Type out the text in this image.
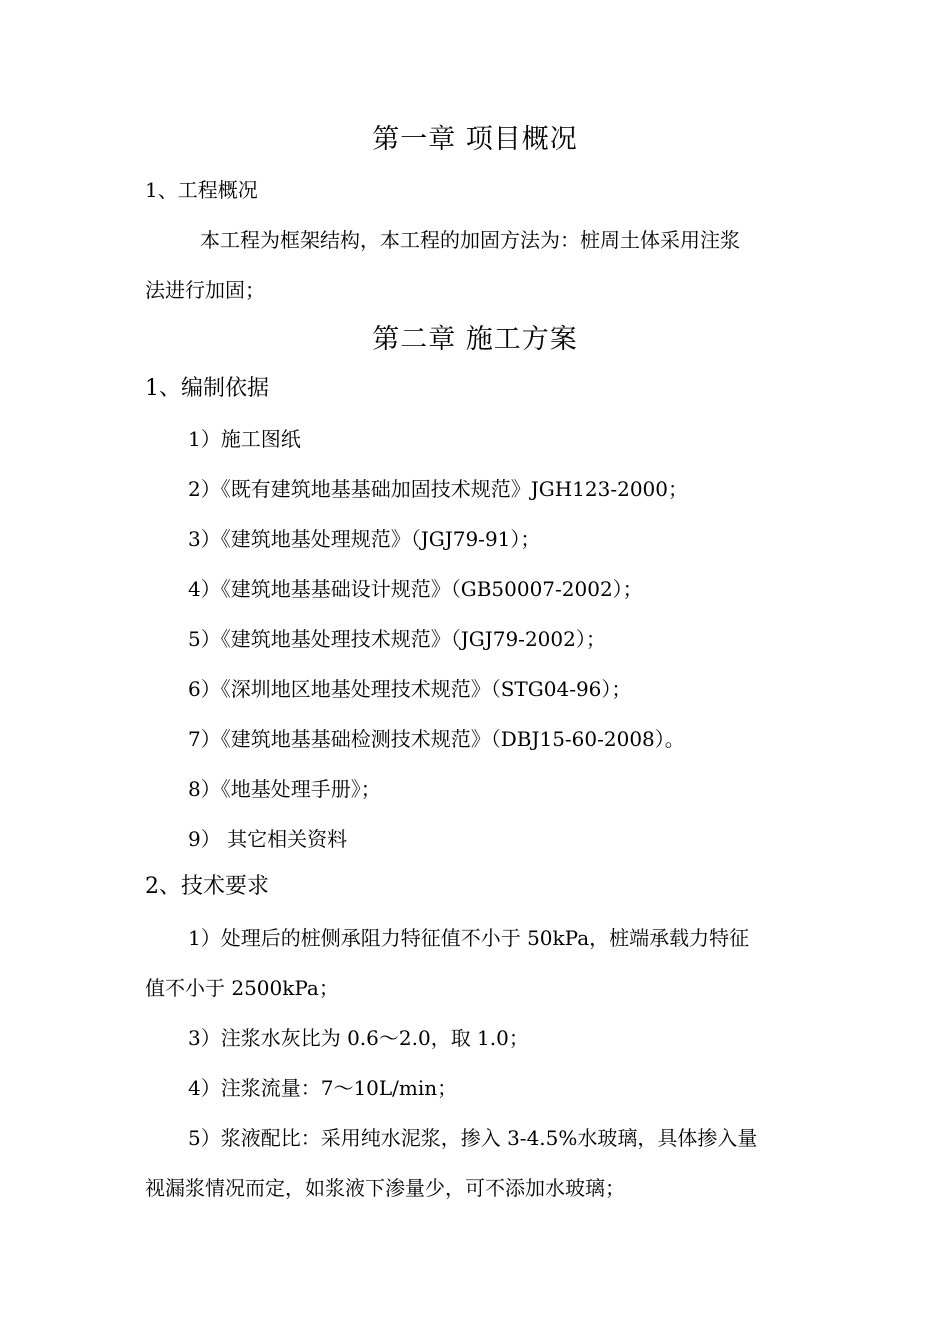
第一章 项目概况
1、工程概况
本工程为框架结构，本工程的加固方法为：桩周土体采用注浆
法进行加固；
第二章 施工方案
1、编制依据
1）施工图纸
2）《既有建筑地基基础加固技术规范》JGH123-2000；
3）《建筑地基处理规范》（JGJ79-91）；
4）《建筑地基基础设计规范》（GB50007-2002）；
5）《建筑地基处理技术规范》（JGJ79-2002）；
6）《深圳地区地基处理技术规范》（STG04-96）；
7）《建筑地基基础检测技术规范》（DBJ15-60-2008）。
8）《地基处理手册》；
9） 其它相关资料
2、技术要求
1）处理后的桩侧承阻力特征值不小于 50kPa，桩端承载力特征
值不小于 2500kPa；
3）注浆水灰比为 0.6～2.0，取 1.0；
4）注浆流量：7～10L/min；
5）浆液配比：采用纯水泥浆，掺入 3-4.5%水玻璃，具体掺入量
视漏浆情况而定，如浆液下渗量少，可不添加水玻璃；
